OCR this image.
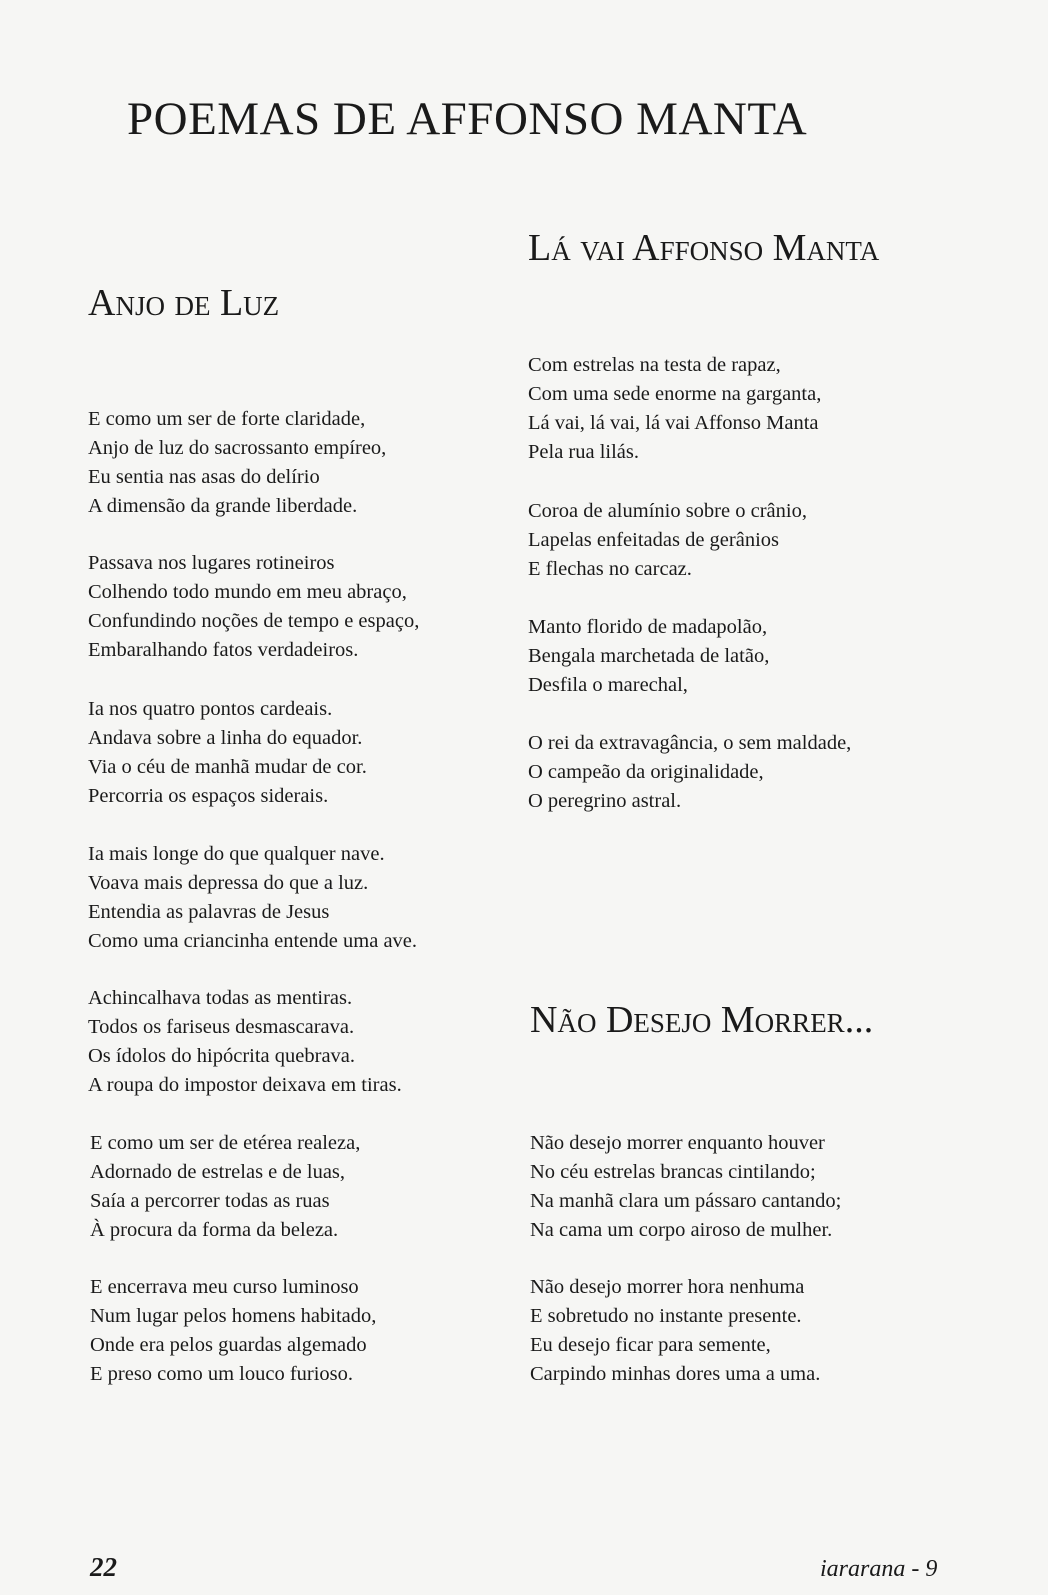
POEMAS DE AFFONSO MANTA
Anjo de Luz
E como um ser de forte claridade,
Anjo de luz do sacrossanto empíreo,
Eu sentia nas asas do delírio
A dimensão da grande liberdade.
Passava nos lugares rotineiros
Colhendo todo mundo em meu abraço,
Confundindo noções de tempo e espaço,
Embaralhando fatos verdadeiros.
Ia nos quatro pontos cardeais.
Andava sobre a linha do equador.
Via o céu de manhã mudar de cor.
Percorria os espaços siderais.
Ia mais longe do que qualquer nave.
Voava mais depressa do que a luz.
Entendia as palavras de Jesus
Como uma criancinha entende uma ave.
Achincalhava todas as mentiras.
Todos os fariseus desmascarava.
Os ídolos do hipócrita quebrava.
A roupa do impostor deixava em tiras.
E como um ser de etérea realeza,
Adornado de estrelas e de luas,
Saía a percorrer todas as ruas
À procura da forma da beleza.
E encerrava meu curso luminoso
Num lugar pelos homens habitado,
Onde era pelos guardas algemado
E preso como um louco furioso.
Lá vai Affonso Manta
Com estrelas na testa de rapaz,
Com uma sede enorme na garganta,
Lá vai, lá vai, lá vai Affonso Manta
Pela rua lilás.
Coroa de alumínio sobre o crânio,
Lapelas enfeitadas de gerânios
E flechas no carcaz.
Manto florido de madapolão,
Bengala marchetada de latão,
Desfila o marechal,
O rei da extravagância, o sem maldade,
O campeão da originalidade,
O peregrino astral.
Não Desejo Morrer...
Não desejo morrer enquanto houver
No céu estrelas brancas cintilando;
Na manhã clara um pássaro cantando;
Na cama um corpo airoso de mulher.
Não desejo morrer hora nenhuma
E sobretudo no instante presente.
Eu desejo ficar para semente,
Carpindo minhas dores uma a uma.
22	iararana - 9
